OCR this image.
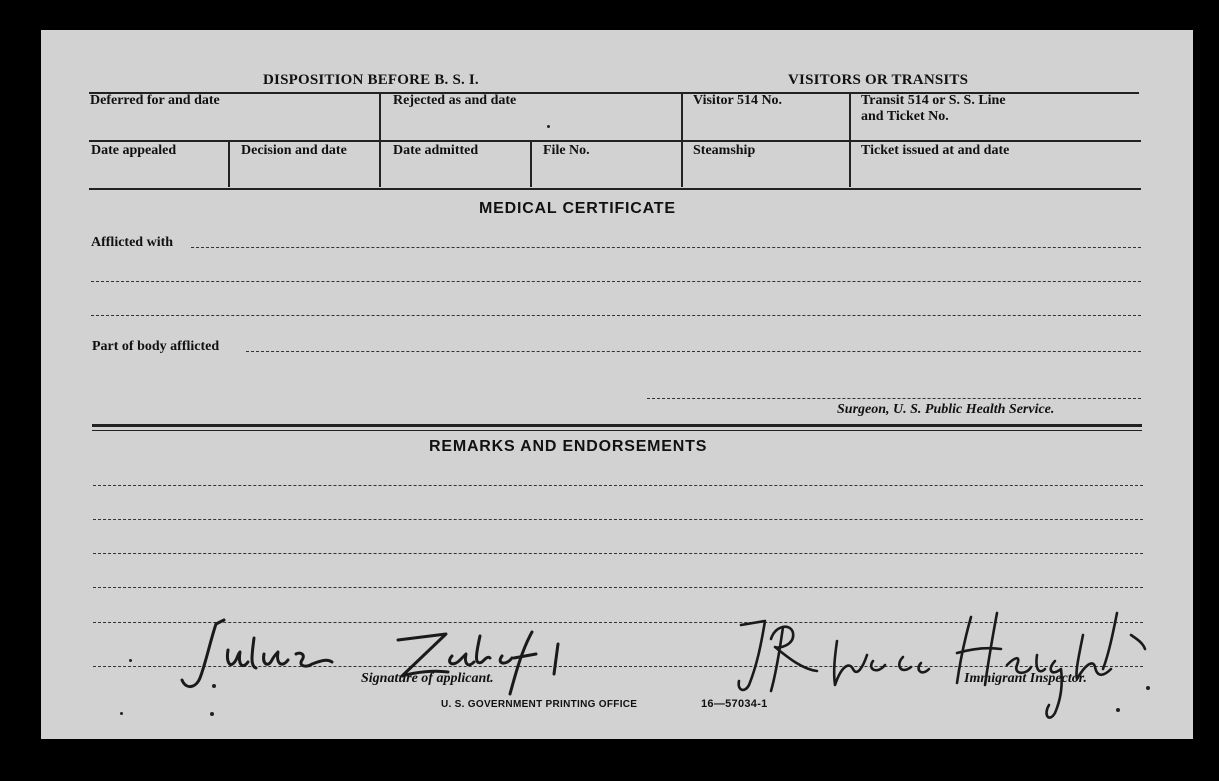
DISPOSITION BEFORE B. S. I.	VISITORS OR TRANSITS
Deferred for and date	Rejected as and date	Visitor 514 No.	Transit 514 or S. S. Line
and Ticket No.
Date appealed	Decision and date	Date admitted	File No.	Steamship	Ticket issued at and date
MEDICAL CERTIFICATE
Afflicted with
Part of body afflicted
Surgeon, U. S. Public Health Service.
REMARKS AND ENDORSEMENTS
Signature of applicant.	Immigrant Inspector.
U. S. GOVERNMENT PRINTING OFFICE	16—57034-1
